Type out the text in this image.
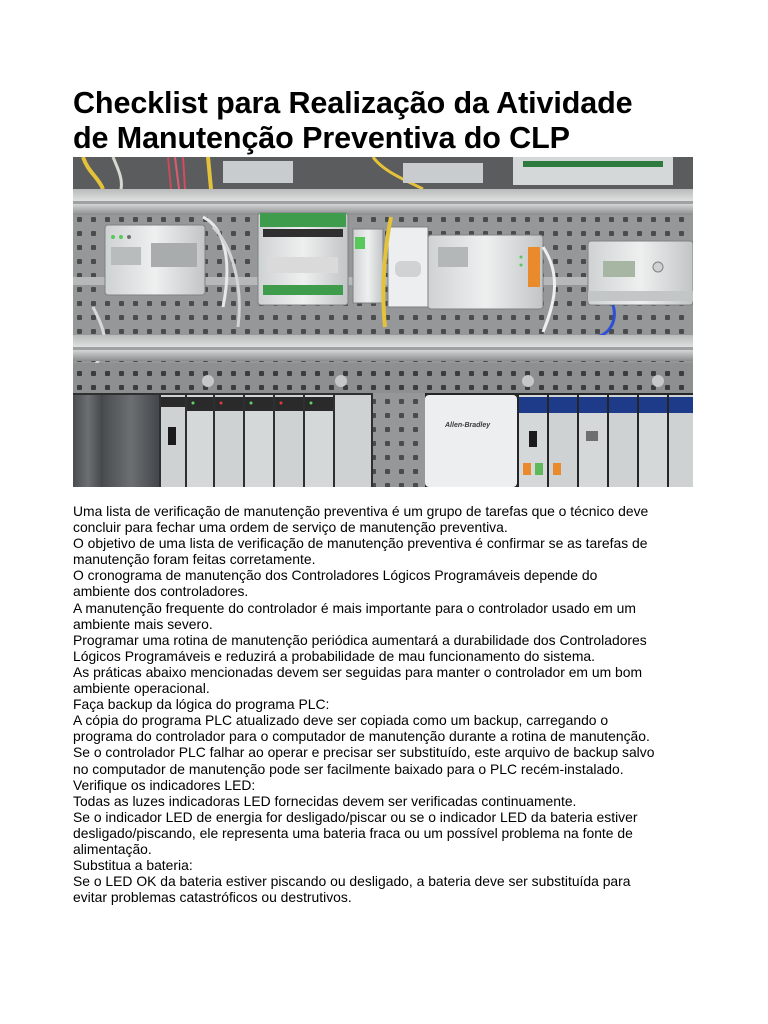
Checklist para Realização da Atividade
de Manutenção Preventiva do CLP
Allen-Bradley
Uma lista de verificação de manutenção preventiva é um grupo de tarefas que o técnico deve
concluir para fechar uma ordem de serviço de manutenção preventiva.
O objetivo de uma lista de verificação de manutenção preventiva é confirmar se as tarefas de
manutenção foram feitas corretamente.
O cronograma de manutenção dos Controladores Lógicos Programáveis depende do
ambiente dos controladores.
A manutenção frequente do controlador é mais importante para o controlador usado em um
ambiente mais severo.
Programar uma rotina de manutenção periódica aumentará a durabilidade dos Controladores
Lógicos Programáveis e reduzirá a probabilidade de mau funcionamento do sistema.
As práticas abaixo mencionadas devem ser seguidas para manter o controlador em um bom
ambiente operacional.
Faça backup da lógica do programa PLC:
A cópia do programa PLC atualizado deve ser copiada como um backup, carregando o
programa do controlador para o computador de manutenção durante a rotina de manutenção.
Se o controlador PLC falhar ao operar e precisar ser substituído, este arquivo de backup salvo
no computador de manutenção pode ser facilmente baixado para o PLC recém-instalado.
Verifique os indicadores LED:
Todas as luzes indicadoras LED fornecidas devem ser verificadas continuamente.
Se o indicador LED de energia for desligado/piscar ou se o indicador LED da bateria estiver
desligado/piscando, ele representa uma bateria fraca ou um possível problema na fonte de
alimentação.
Substitua a bateria:
Se o LED OK da bateria estiver piscando ou desligado, a bateria deve ser substituída para
evitar problemas catastróficos ou destrutivos.
